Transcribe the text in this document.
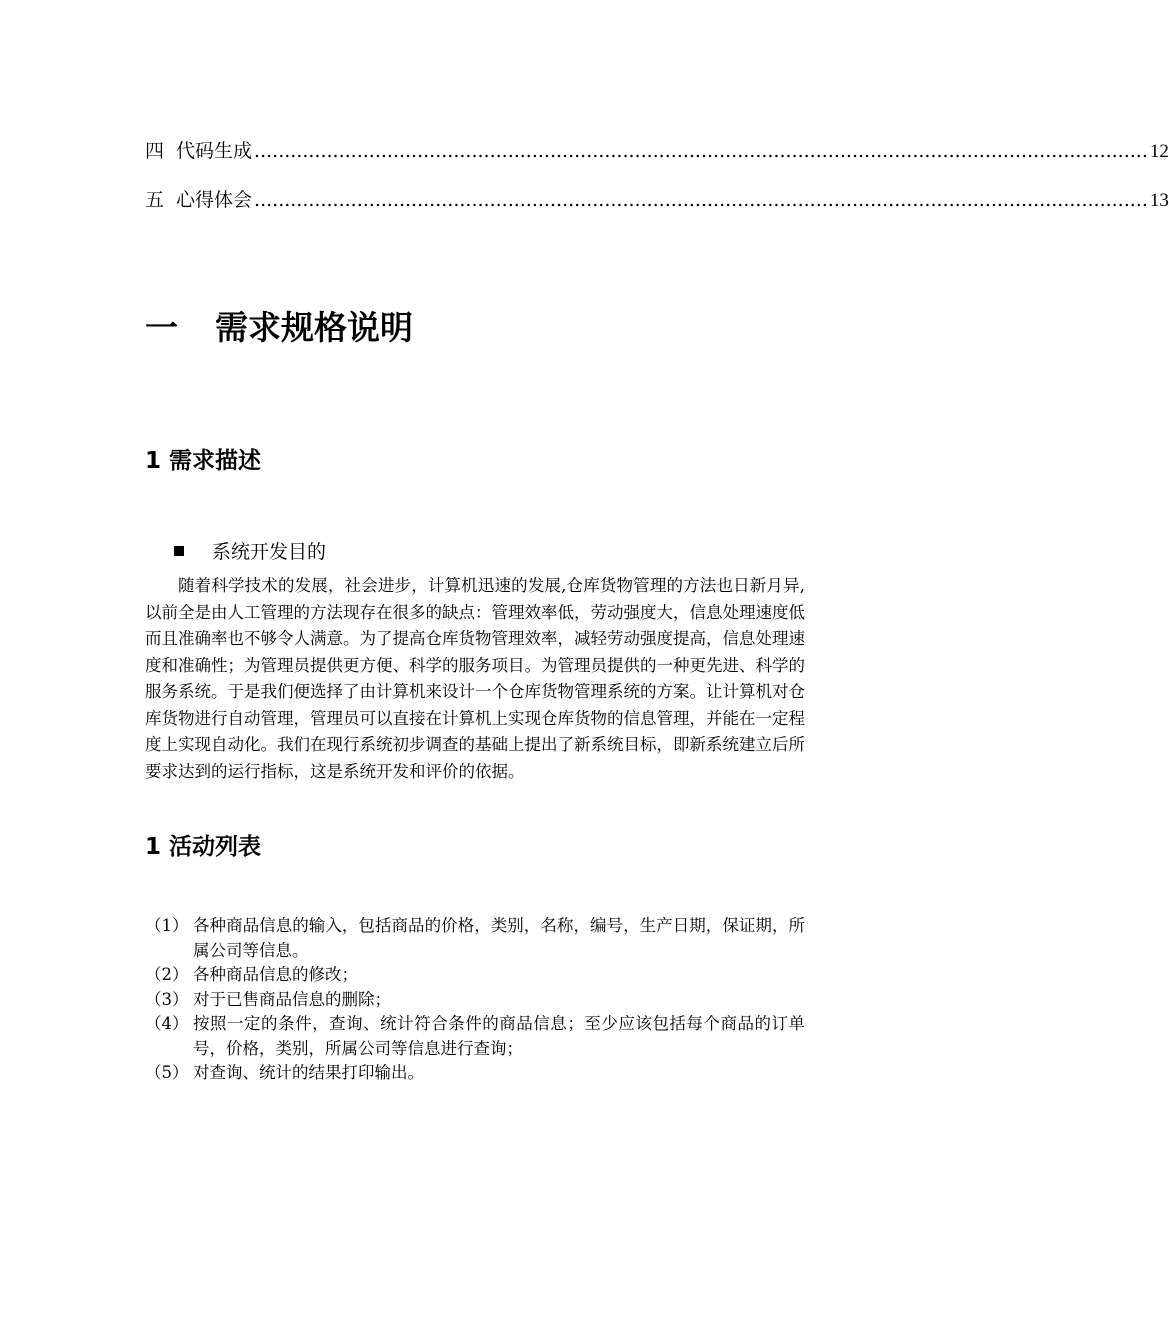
四 代码生成 .................................................................................................................................................... 12
五 心得体会 .................................................................................................................................................... 13
一 需求规格说明
1 需求描述
系统开发目的

随着科学技术的发展，社会进步，计算机迅速的发展,仓库货物管理的方法也日新月异,以前全是由人工管理的方法现存在很多的缺点：管理效率低，劳动强度大，信息处理速度低而且准确率也不够令人满意。为了提高仓库货物管理效率，减轻劳动强度提高，信息处理速度和准确性；为管理员提供更方便、科学的服务项目。为管理员提供的一种更先进、科学的服务系统。于是我们便选择了由计算机来设计一个仓库货物管理系统的方案。让计算机对仓库货物进行自动管理，管理员可以直接在计算机上实现仓库货物的信息管理，并能在一定程度上实现自动化。我们在现行系统初步调查的基础上提出了新系统目标，即新系统建立后所要求达到的运行指标，这是系统开发和评价的依据。

1 活动列表
（1） 各种商品信息的输入，包括商品的价格，类别，名称，编号，生产日期，保证期，所属公司等信息。
（2） 各种商品信息的修改；
（3） 对于已售商品信息的删除；
（4） 按照一定的条件，查询、统计符合条件的商品信息；至少应该包括每个商品的订单号，价格，类别，所属公司等信息进行查询；
（5） 对查询、统计的结果打印输出。
